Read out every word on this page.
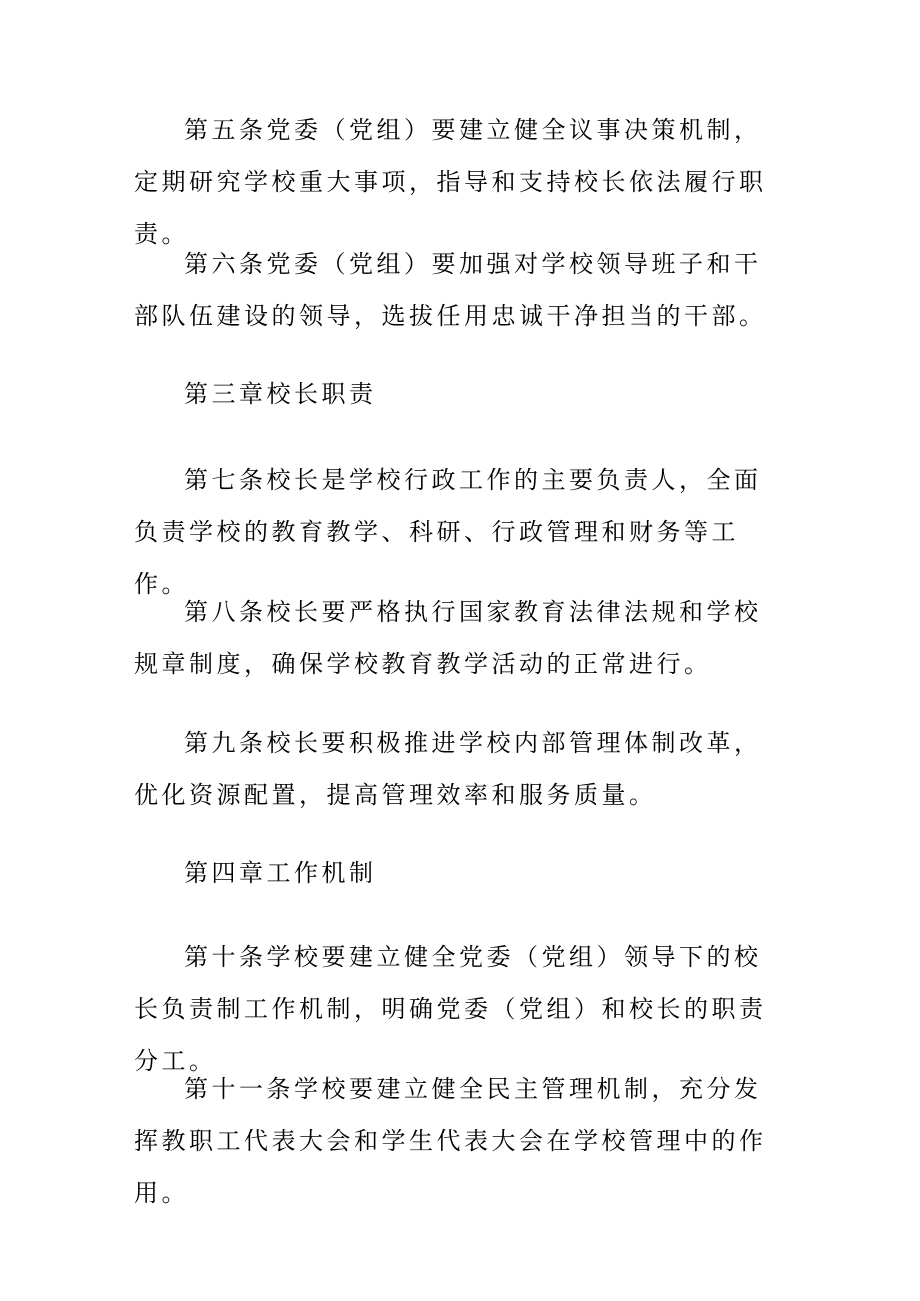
第五条党委（党组）要建立健全议事决策机制，定期研究学校重大事项，指导和支持校长依法履行职责。

第六条党委（党组）要加强对学校领导班子和干部队伍建设的领导，选拔任用忠诚干净担当的干部。

第三章校长职责

第七条校长是学校行政工作的主要负责人，全面负责学校的教育教学、科研、行政管理和财务等工作。

第八条校长要严格执行国家教育法律法规和学校规章制度，确保学校教育教学活动的正常进行。

第九条校长要积极推进学校内部管理体制改革，优化资源配置，提高管理效率和服务质量。

第四章工作机制

第十条学校要建立健全党委（党组）领导下的校长负责制工作机制，明确党委（党组）和校长的职责分工。

第十一条学校要建立健全民主管理机制，充分发挥教职工代表大会和学生代表大会在学校管理中的作用。
